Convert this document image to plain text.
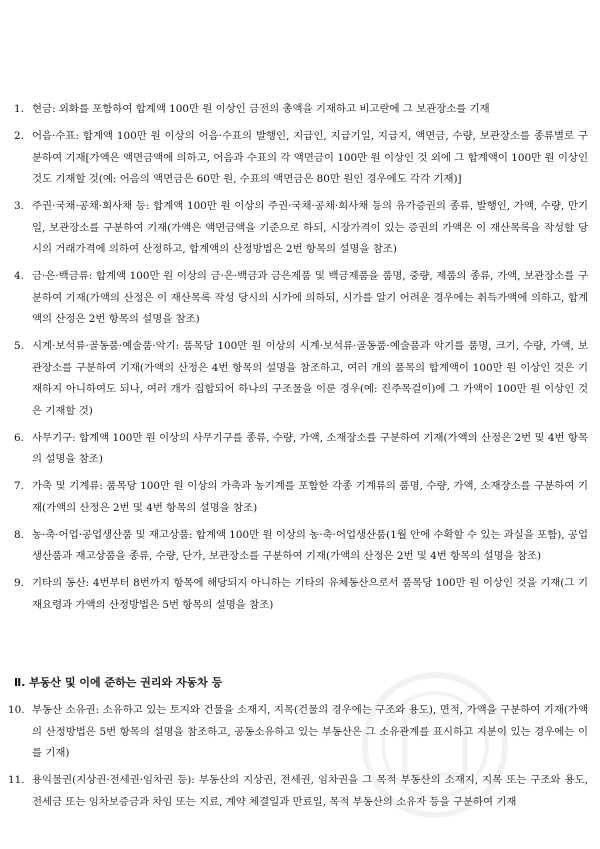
1. 현금: 외화를 포함하여 합계액 100만 원 이상인 금전의 총액을 기재하고 비고란에 그 보관장소를 기재
2. 어음·수표: 합계액 100만 원 이상의 어음·수표의 발행인, 지급인, 지급기일, 지급지, 액면금, 수량, 보관장소를 종류별로 구분하여 기재[가액은 액면금액에 의하고, 어음과 수표의 각 액면금이 100만 원 이상인 것 외에 그 합계액이 100만 원 이상인 것도 기재할 것(예: 어음의 액면금은 60만 원, 수표의 액면금은 80만 원인 경우에도 각각 기재)]
3. 주권·국채·공채·회사채 등: 합계액 100만 원 이상의 주권·국채·공채·회사채 등의 유가증권의 종류, 발행인, 가액, 수량, 만기일, 보관장소를 구분하여 기재(가액은 액면금액을 기준으로 하되, 시장가격이 있는 증권의 가액은 이 재산목록을 작성할 당시의 거래가격에 의하여 산정하고, 합계액의 산정방법은 2번 항목의 설명을 참조)
4. 금·은·백금류: 합계액 100만 원 이상의 금·은·백금과 금은제품 및 백금제품을 품명, 중량, 제품의 종류, 가액, 보관장소를 구분하여 기재(가액의 산정은 이 재산목록 작성 당시의 시가에 의하되, 시가를 알기 어려운 경우에는 취득가액에 의하고, 합계액의 산정은 2번 항목의 설명을 참조)
5. 시계·보석류·골동품·예술품·악기: 품목당 100만 원 이상의 시계·보석류·골동품·예술품과 악기를 품명, 크기, 수량, 가액, 보관장소를 구분하여 기재(가액의 산정은 4번 항목의 설명을 참조하고, 여러 개의 품목의 합계액이 100만 원 이상인 것은 기재하지 아니하여도 되나, 여러 개가 집합되어 하나의 구조물을 이룬 경우(예: 진주목걸이)에 그 가액이 100만 원 이상인 것은 기재할 것)
6. 사무기구: 합계액 100만 원 이상의 사무기구를 종류, 수량, 가액, 소재장소를 구분하여 기재(가액의 산정은 2번 및 4번 항목의 설명을 참조)
7. 가축 및 기계류: 품목당 100만 원 이상의 가축과 농기계를 포함한 각종 기계류의 품명, 수량, 가액, 소재장소를 구분하여 기재(가액의 산정은 2번 및 4번 항목의 설명을 참조)
8. 농·축·어업·공업생산품 및 재고상품: 합계액 100만 원 이상의 농·축·어업생산품(1월 안에 수확할 수 있는 과실을 포함), 공업생산품과 재고상품을 종류, 수량, 단가, 보관장소를 구분하여 기재(가액의 산정은 2번 및 4번 항목의 설명을 참조)
9. 기타의 동산: 4번부터 8번까지 항목에 해당되지 아니하는 기타의 유체동산으로서 품목당 100만 원 이상인 것을 기재(그 기재요령과 가액의 산정방법은 5번 항목의 설명을 참조)
Ⅱ. 부동산 및 이에 준하는 권리와 자동차 등
10. 부동산 소유권: 소유하고 있는 토지와 건물을 소재지, 지목(건물의 경우에는 구조와 용도), 면적, 가액을 구분하여 기재(가액의 산정방법은 5번 항목의 설명을 참조하고, 공동소유하고 있는 부동산은 그 소유관계를 표시하고 지분이 있는 경우에는 이를 기재)
11. 용익물권(지상권·전세권·임차권 등): 부동산의 지상권, 전세권, 임차권을 그 목적 부동산의 소재지, 지목 또는 구조와 용도, 전세금 또는 임차보증금과 차임 또는 지료, 계약 체결일과 만료일, 목적 부동산의 소유자 등을 구분하여 기재
